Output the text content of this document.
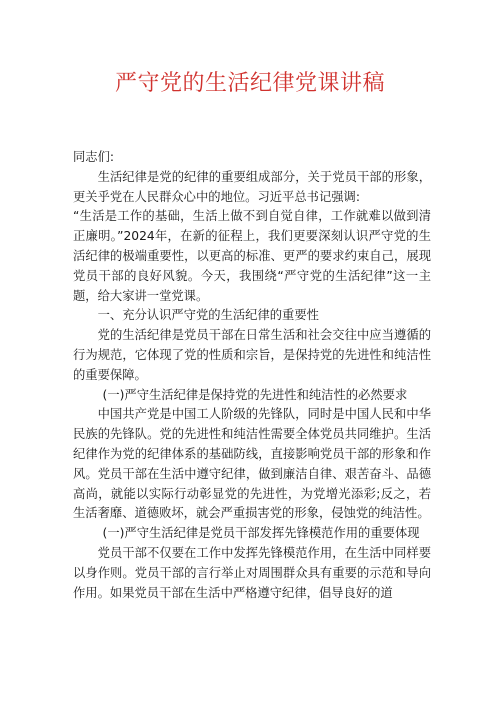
严守党的生活纪律党课讲稿

同志们:

生活纪律是党的纪律的重要组成部分，关于党员干部的形象，更关乎党在人民群众心中的地位。习近平总书记强调:

“生活是工作的基础，生活上做不到自觉自律，工作就难以做到清正廉明。”2024年，在新的征程上，我们更要深刻认识严守党的生活纪律的极端重要性，以更高的标准、更严的要求约束自己，展现党员干部的良好风貌。今天，我围绕“严守党的生活纪律”这一主题，给大家讲一堂党课。

一、充分认识严守党的生活纪律的重要性

党的生活纪律是党员干部在日常生活和社会交往中应当遵循的行为规范，它体现了党的性质和宗旨，是保持党的先进性和纯洁性的重要保障。

(一)严守生活纪律是保持党的先进性和纯洁性的必然要求

中国共产党是中国工人阶级的先锋队，同时是中国人民和中华民族的先锋队。党的先进性和纯洁性需要全体党员共同维护。生活纪律作为党的纪律体系的基础防线，直接影响党员干部的形象和作风。党员干部在生活中遵守纪律，做到廉洁自律、艰苦奋斗、品德高尚，就能以实际行动彰显党的先进性，为党增光添彩;反之，若生活奢靡、道德败坏，就会严重损害党的形象，侵蚀党的纯洁性。

(一)严守生活纪律是党员干部发挥先锋模范作用的重要体现

党员干部不仅要在工作中发挥先锋模范作用，在生活中同样要以身作则。党员干部的言行举止对周围群众具有重要的示范和导向作用。如果党员干部在生活中严格遵守纪律，倡导良好的道
